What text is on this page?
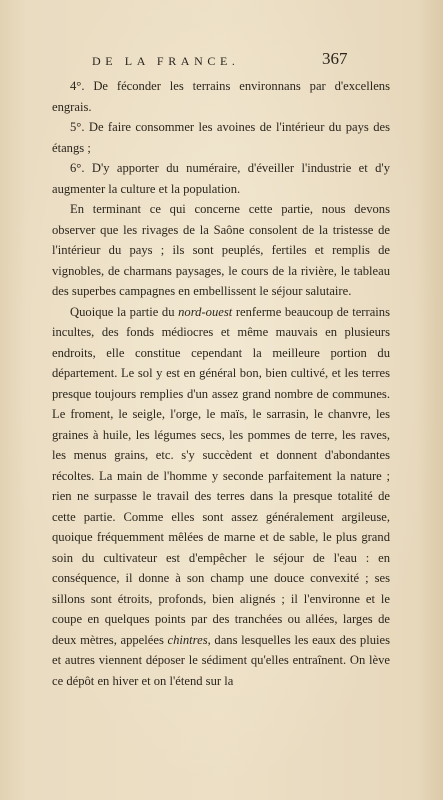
DE LA FRANCE.	367

4°. De féconder les terrains environnans par d'excellens engrais.

5°. De faire consommer les avoines de l'intérieur du pays des étangs ;

6°. D'y apporter du numéraire, d'éveiller l'industrie et d'y augmenter la culture et la population.

En terminant ce qui concerne cette partie, nous devons observer que les rivages de la Saône consolent de la tristesse de l'intérieur du pays ; ils sont peuplés, fertiles et remplis de vignobles, de charmans paysages, le cours de la rivière, le tableau des superbes campagnes en embellissent le séjour salutaire.

Quoique la partie du nord-ouest renferme beaucoup de terrains incultes, des fonds médiocres et même mauvais en plusieurs endroits, elle constitue cependant la meilleure portion du département. Le sol y est en général bon, bien cultivé, et les terres presque toujours remplies d'un assez grand nombre de communes. Le froment, le seigle, l'orge, le maïs, le sarrasin, le chanvre, les graines à huile, les légumes secs, les pommes de terre, les raves, les menus grains, etc. s'y succèdent et donnent d'abondantes récoltes. La main de l'homme y seconde parfaitement la nature ; rien ne surpasse le travail des terres dans la presque totalité de cette partie. Comme elles sont assez généralement argileuse, quoique fréquemment mêlées de marne et de sable, le plus grand soin du cultivateur est d'empêcher le séjour de l'eau : en conséquence, il donne à son champ une douce convexité ; ses sillons sont étroits, profonds, bien alignés ; il l'environne et le coupe en quelques points par des tranchées ou allées, larges de deux mètres, appelées chintres, dans lesquelles les eaux des pluies et autres viennent déposer le sédiment qu'elles entraînent. On lève ce dépôt en hiver et on l'étend sur la
